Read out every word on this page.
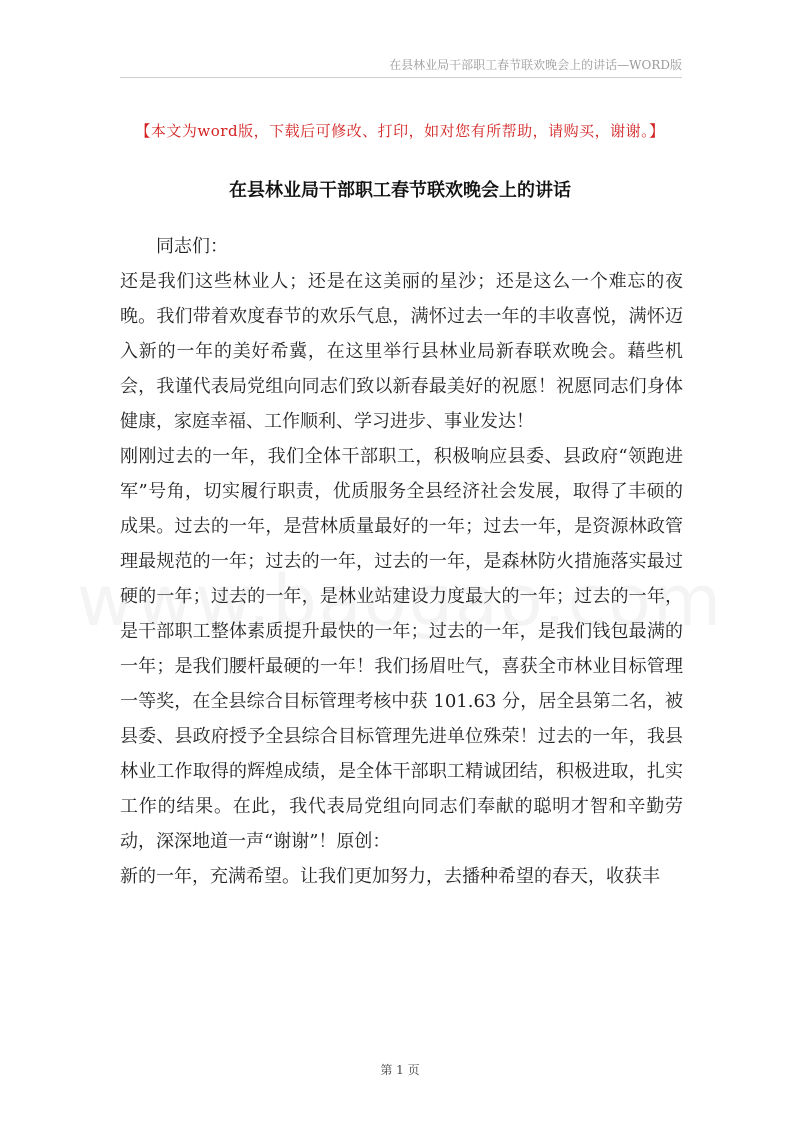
在县林业局干部职工春节联欢晚会上的讲话—WORD版
【本文为word版，下载后可修改、打印，如对您有所帮助，请购买，谢谢。】
在县林业局干部职工春节联欢晚会上的讲话

同志们：

还是我们这些林业人；还是在这美丽的星沙；还是这么一个难忘的夜晚。我们带着欢度春节的欢乐气息，满怀过去一年的丰收喜悦，满怀迈入新的一年的美好希冀，在这里举行县林业局新春联欢晚会。藉些机会，我谨代表局党组向同志们致以新春最美好的祝愿！祝愿同志们身体健康，家庭幸福、工作顺利、学习进步、事业发达！

刚刚过去的一年，我们全体干部职工，积极响应县委、县政府“领跑进军”号角，切实履行职责，优质服务全县经济社会发展，取得了丰硕的成果。过去的一年，是营林质量最好的一年；过去一年，是资源林政管理最规范的一年；过去的一年，过去的一年，是森林防火措施落实最过硬的一年；过去的一年，是林业站建设力度最大的一年；过去的一年，是干部职工整体素质提升最快的一年；过去的一年，是我们钱包最满的一年；是我们腰杆最硬的一年！我们扬眉吐气，喜获全市林业目标管理一等奖，在全县综合目标管理考核中获 101.63 分，居全县第二名，被县委、县政府授予全县综合目标管理先进单位殊荣！过去的一年，我县林业工作取得的辉煌成绩，是全体干部职工精诚团结，积极进取，扎实工作的结果。在此，我代表局党组向同志们奉献的聪明才智和辛勤劳动，深深地道一声“谢谢”！原创：

新的一年，充满希望。让我们更加努力，去播种希望的春天，收获丰

第 1 页
